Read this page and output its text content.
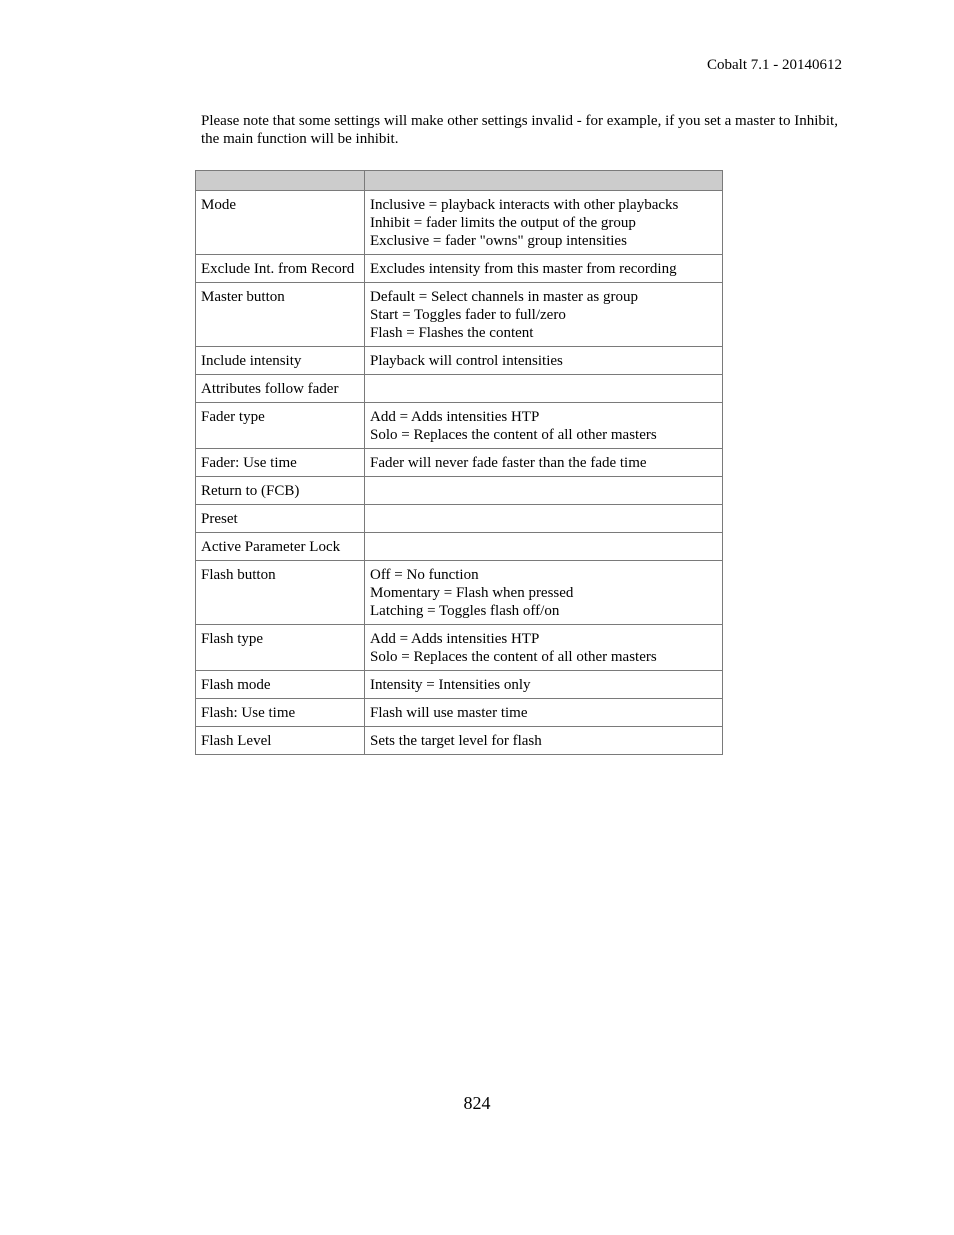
Cobalt 7.1 - 20140612
Please note that some settings will make other settings invalid - for example, if you set a master to Inhibit, the main function will be inhibit.

Mode	Inclusive = playback interacts with other playbacks
Inhibit = fader limits the output of the group
Exclusive = fader "owns" group intensities

Exclude Int. from Record	Excludes intensity from this master from recording

Master button	Default = Select channels in master as group
Start = Toggles fader to full/zero
Flash = Flashes the content

Include intensity	Playback will control intensities

Attributes follow fader	
Fader type	Add = Adds intensities HTP
Solo = Replaces the content of all other masters

Fader: Use time	Fader will never fade faster than the fade time

Return to (FCB)	
Preset	
Active Parameter Lock	
Flash button	Off = No function
Momentary = Flash when pressed
Latching = Toggles flash off/on

Flash type	Add = Adds intensities HTP
Solo = Replaces the content of all other masters

Flash mode	Intensity = Intensities only

Flash: Use time	Flash will use master time

Flash Level	Sets the target level for flash
824
